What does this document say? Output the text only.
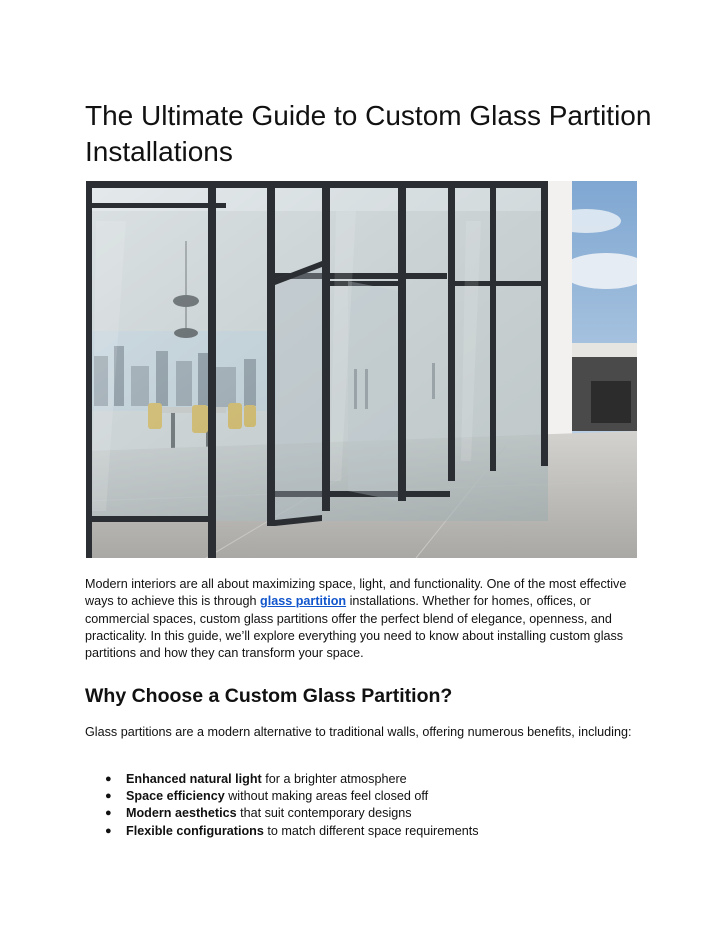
The Ultimate Guide to Custom Glass Partition Installations

Modern interiors are all about maximizing space, light, and functionality. One of the most effective ways to achieve this is through glass partition installations. Whether for homes, offices, or commercial spaces, custom glass partitions offer the perfect blend of elegance, openness, and practicality. In this guide, we’ll explore everything you need to know about installing custom glass partitions and how they can transform your space.

Why Choose a Custom Glass Partition?

Glass partitions are a modern alternative to traditional walls, offering numerous benefits, including:

● Enhanced natural light for a brighter atmosphere
● Space efficiency without making areas feel closed off
● Modern aesthetics that suit contemporary designs
● Flexible configurations to match different space requirements
